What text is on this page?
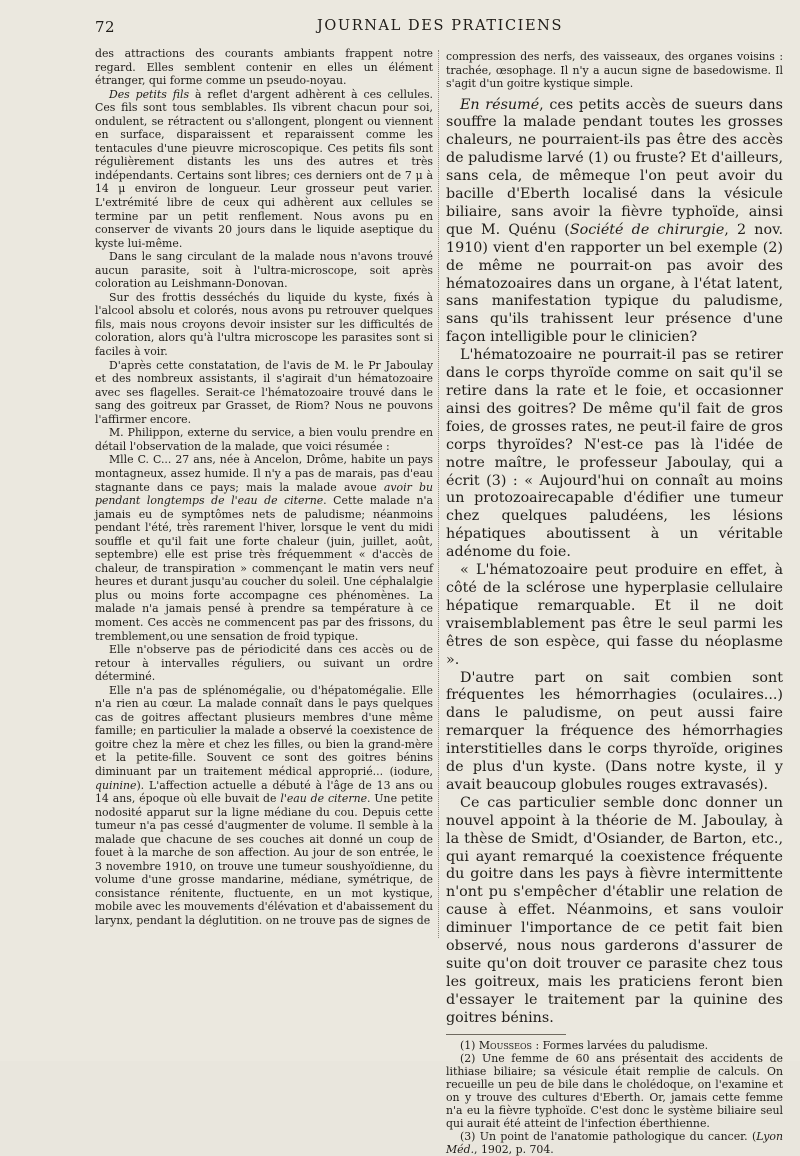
72	JOURNAL DES PRATICIENS

des attractions des courants ambiants frappent notre regard. Elles semblent contenir en elles un élément étranger, qui forme comme un pseudo-noyau.

Des petits fils à reflet d'argent adhèrent à ces cellules. Ces fils sont tous semblables. Ils vibrent chacun pour soi, ondulent, se rétractent ou s'allongent, plongent ou viennent en surface, disparaissent et reparaissent comme les tentacules d'une pieuvre microscopique. Ces petits fils sont régulièrement distants les uns des autres et très indépendants. Certains sont libres; ces derniers ont de 7 μ à 14 μ environ de longueur. Leur grosseur peut varier. L'extrémité libre de ceux qui adhèrent aux cellules se termine par un petit renflement. Nous avons pu en conserver de vivants 20 jours dans le liquide aseptique du kyste lui-même.

Dans le sang circulant de la malade nous n'avons trouvé aucun parasite, soit à l'ultra-microscope, soit après coloration au Leishmann-Donovan.

Sur des frottis desséchés du liquide du kyste, fixés à l'alcool absolu et colorés, nous avons pu retrouver quelques fils, mais nous croyons devoir insister sur les difficultés de coloration, alors qu'à l'ultra microscope les parasites sont si faciles à voir.

D'après cette constatation, de l'avis de M. le Pr Jaboulay et des nombreux assistants, il s'agirait d'un hématozoaire avec ses flagelles. Serait-ce l'hématozoaire trouvé dans le sang des goitreux par Grasset, de Riom? Nous ne pouvons l'affirmer encore.

M. Philippon, externe du service, a bien voulu prendre en détail l'observation de la malade, que voici résumée :

Mlle C. C... 27 ans, née à Ancelon, Drôme, habite un pays montagneux, assez humide. Il n'y a pas de marais, pas d'eau stagnante dans ce pays; mais la malade avoue avoir bu pendant longtemps de l'eau de citerne. Cette malade n'a jamais eu de symptômes nets de paludisme; néanmoins pendant l'été, très rarement l'hiver, lorsque le vent du midi souffle et qu'il fait une forte chaleur (juin, juillet, août, septembre) elle est prise très fréquemment « d'accès de chaleur, de transpiration » commençant le matin vers neuf heures et durant jusqu'au coucher du soleil. Une céphalalgie plus ou moins forte accompagne ces phénomènes. La malade n'a jamais pensé à prendre sa température à ce moment. Ces accès ne commencent pas par des frissons, du tremblement,ou une sensation de froid typique.

Elle n'observe pas de périodicité dans ces accès ou de retour à intervalles réguliers, ou suivant un ordre déterminé.

Elle n'a pas de splénomégalie, ou d'hépatomégalie. Elle n'a rien au cœur. La malade connaît dans le pays quelques cas de goitres affectant plusieurs membres d'une même famille; en particulier la malade a observé la coexistence de goitre chez la mère et chez les filles, ou bien la grand-mère et la petite-fille. Souvent ce sont des goitres bénins diminuant par un traitement médical approprié... (iodure, quinine). L'affection actuelle a débuté à l'âge de 13 ans ou 14 ans, époque où elle buvait de l'eau de citerne. Une petite nodosité apparut sur la ligne médiane du cou. Depuis cette tumeur n'a pas cessé d'augmenter de volume. Il semble à la malade que chacune de ses couches ait donné un coup de fouet à la marche de son affection. Au jour de son entrée, le 3 novembre 1910, on trouve une tumeur soushyoïdienne, du volume d'une grosse mandarine, médiane, symétrique, de consistance rénitente, fluctuente, en un mot kystique, mobile avec les mouvements d'élévation et d'abaissement du larynx, pendant la déglutition. on ne trouve pas de signes de

compression des nerfs, des vaisseaux, des organes voisins : trachée, œsophage. Il n'y a aucun signe de basedowisme. Il s'agit d'un goitre kystique simple.

En résumé, ces petits accès de sueurs dans souffre la malade pendant toutes les grosses chaleurs, ne pourraient-ils pas être des accès de paludisme larvé (1) ou fruste? Et d'ailleurs, sans cela, de mêmeque l'on peut avoir du bacille d'Eberth localisé dans la vésicule biliaire, sans avoir la fièvre typhoïde, ainsi que M. Quénu (Société de chirurgie, 2 nov. 1910) vient d'en rapporter un bel exemple (2) de même ne pourrait-on pas avoir des hématozoaires dans un organe, à l'état latent, sans manifestation typique du paludisme, sans qu'ils trahissent leur présence d'une façon intelligible pour le clinicien?

L'hématozoaire ne pourrait-il pas se retirer dans le corps thyroïde comme on sait qu'il se retire dans la rate et le foie, et occasionner ainsi des goitres? De même qu'il fait de gros foies, de grosses rates, ne peut-il faire de gros corps thyroïdes? N'est-ce pas là l'idée de notre maître, le professeur Jaboulay, qui a écrit (3) : « Aujourd'hui on connaît au moins un protozoairecapable d'édifier une tumeur chez quelques paludéens, les lésions hépatiques aboutissent à un véritable adénome du foie.

« L'hématozoaire peut produire en effet, à côté de la sclérose une hyperplasie cellulaire hépatique remarquable. Et il ne doit vraisemblablement pas être le seul parmi les êtres de son espèce, qui fasse du néoplasme ».

D'autre part on sait combien sont fréquentes les hémorrhagies (oculaires...) dans le paludisme, on peut aussi faire remarquer la fréquence des hémorrhagies interstitielles dans le corps thyroïde, origines de plus d'un kyste. (Dans notre kyste, il y avait beaucoup globules rouges extravasés).

Ce cas particulier semble donc donner un nouvel appoint à la théorie de M. Jaboulay, à la thèse de Smidt, d'Osiander, de Barton, etc., qui ayant remarqué la coexistence fréquente du goitre dans les pays à fièvre intermittente n'ont pu s'empêcher d'établir une relation de cause à effet. Néanmoins, et sans vouloir diminuer l'importance de ce petit fait bien observé, nous nous garderons d'assurer de suite qu'on doit trouver ce parasite chez tous les goitreux, mais les praticiens feront bien d'essayer le traitement par la quinine des goitres bénins.

(1) Mousseos : Formes larvées du paludisme.

(2) Une femme de 60 ans présentait des accidents de lithiase biliaire; sa vésicule était remplie de calculs. On recueille un peu de bile dans le cholédoque, on l'examine et on y trouve des cultures d'Eberth. Or, jamais cette femme n'a eu la fièvre typhoïde. C'est donc le système biliaire seul qui aurait été atteint de l'infection éberthienne.

(3) Un point de l'anatomie pathologique du cancer. (Lyon Méd., 1902, p. 704.
